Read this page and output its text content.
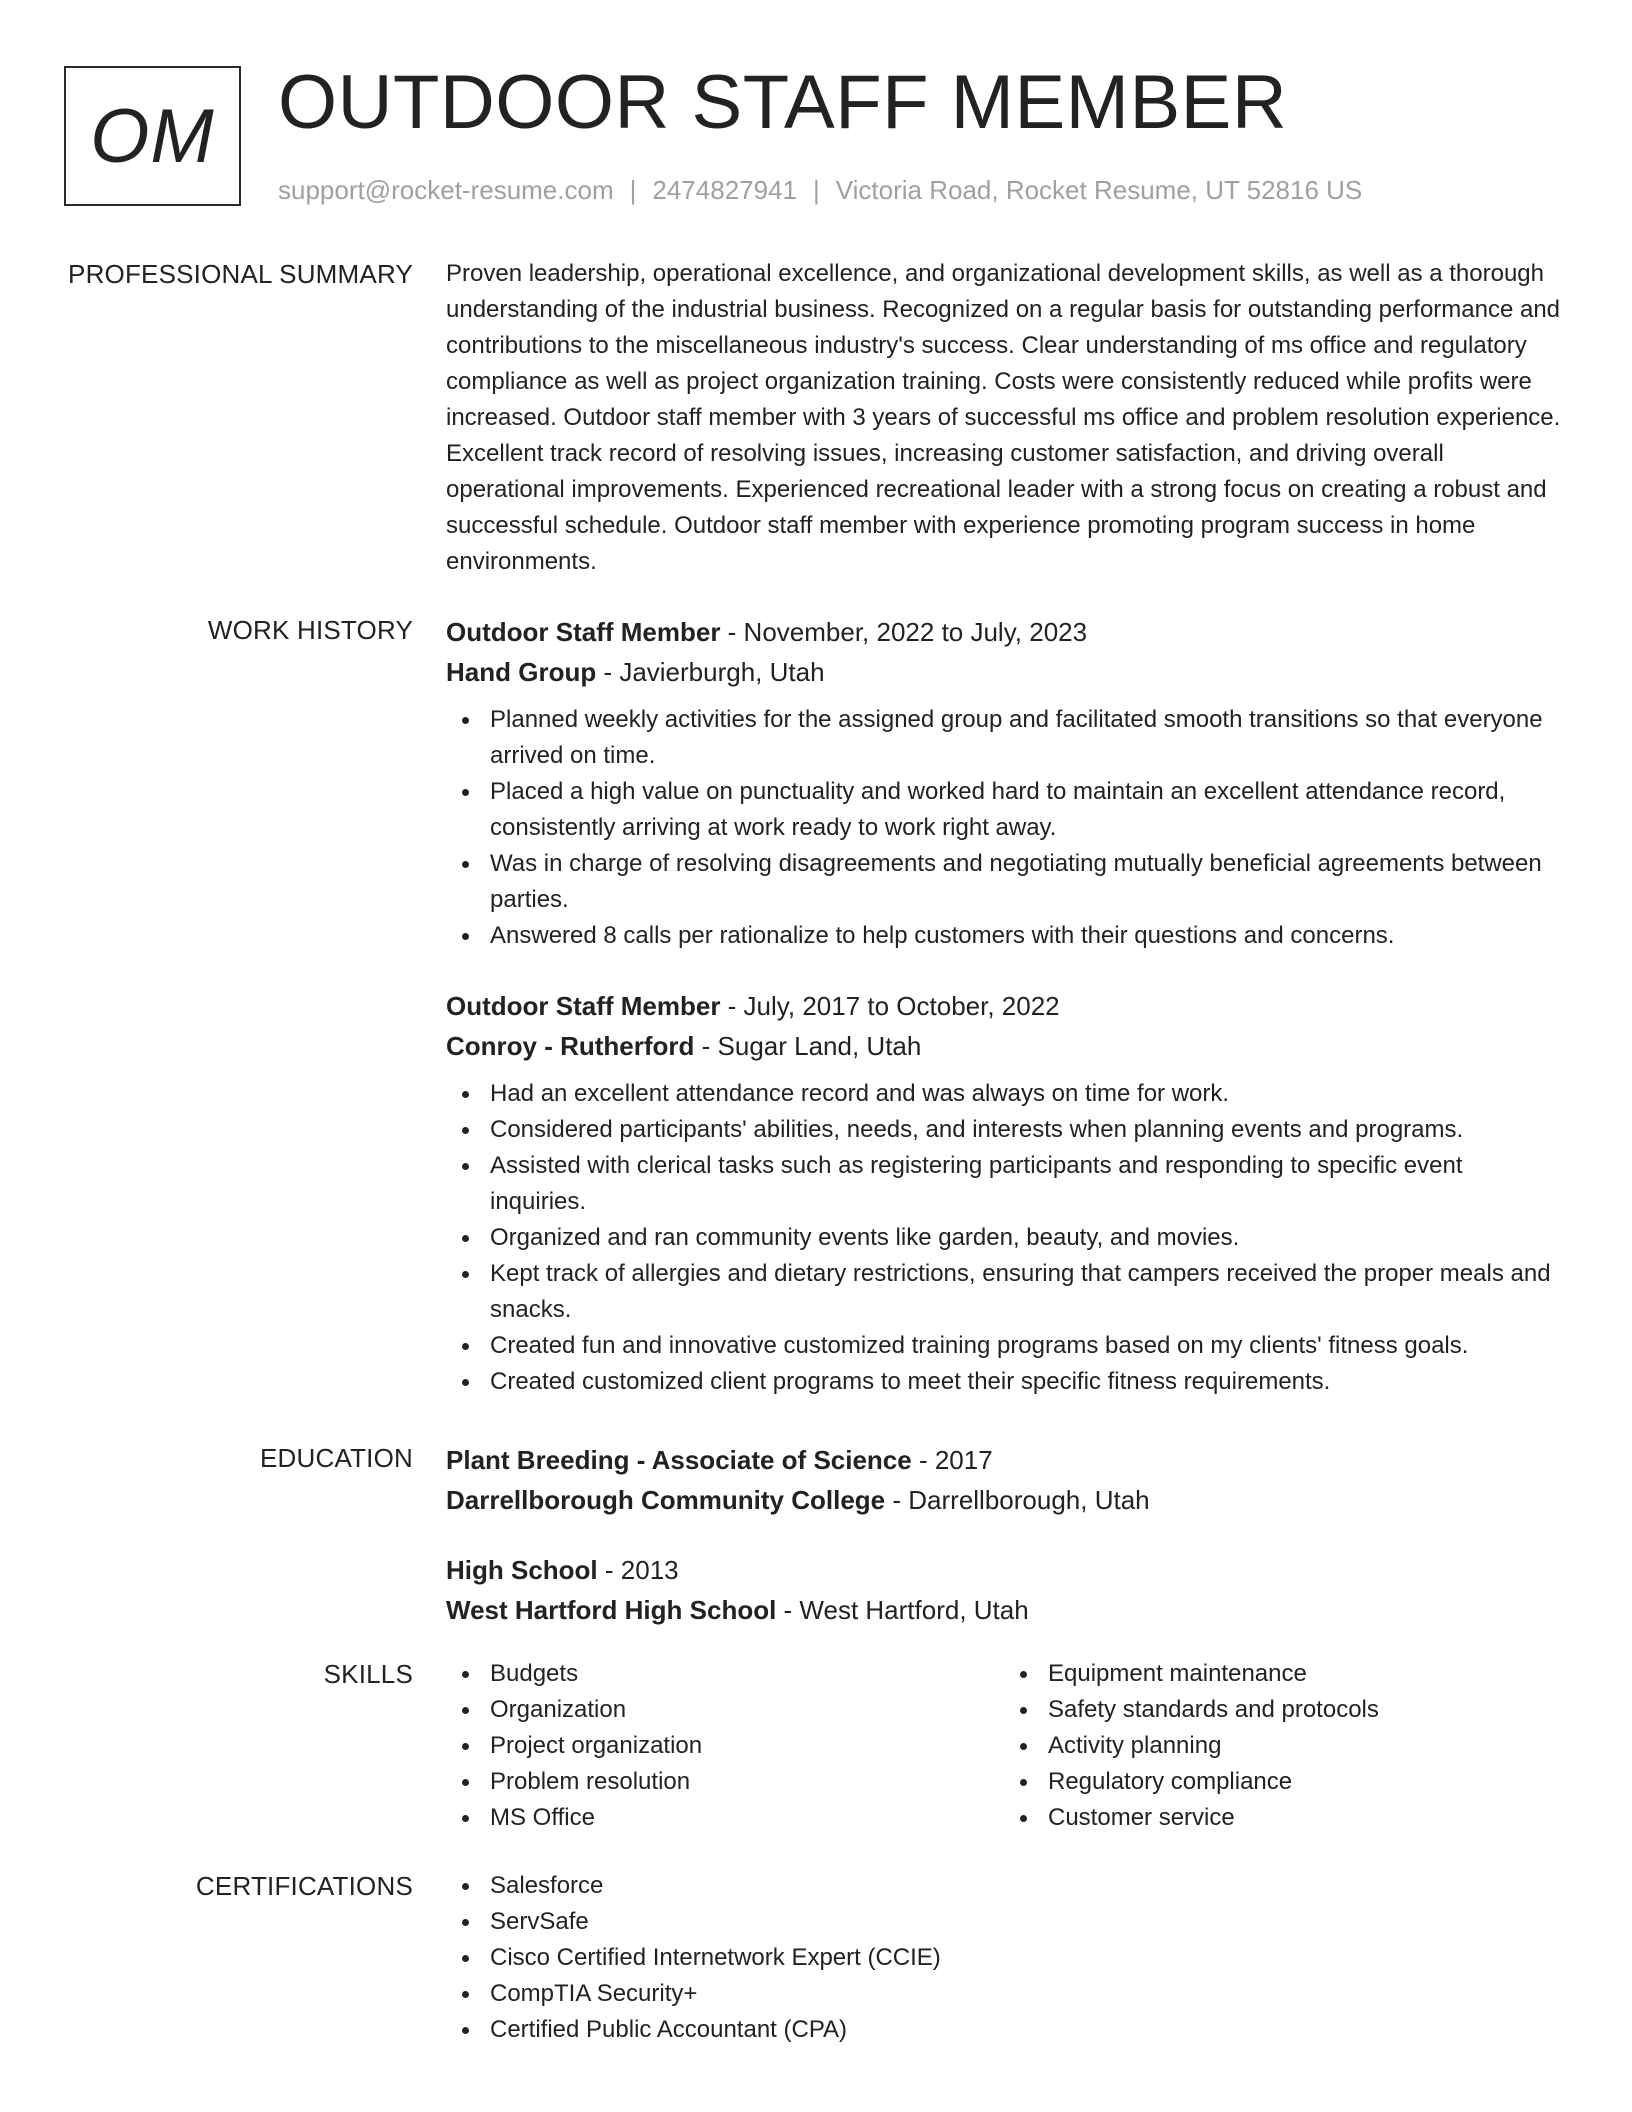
OM OUTDOOR STAFF MEMBER
support@rocket-resume.com | 2474827941 | Victoria Road, Rocket Resume, UT 52816 US
PROFESSIONAL SUMMARY Proven leadership, operational excellence, and organizational development skills, as well as a thorough understanding of the industrial business. Recognized on a regular basis for outstanding performance and contributions to the miscellaneous industry's success. Clear understanding of ms office and regulatory compliance as well as project organization training. Costs were consistently reduced while profits were increased. Outdoor staff member with 3 years of successful ms office and problem resolution experience. Excellent track record of resolving issues, increasing customer satisfaction, and driving overall operational improvements. Experienced recreational leader with a strong focus on creating a robust and successful schedule. Outdoor staff member with experience promoting program success in home environments.

WORK HISTORY Outdoor Staff Member - November, 2022 to July, 2023
Hand Group - Javierburgh, Utah
Planned weekly activities for the assigned group and facilitated smooth transitions so that everyone arrived on time.
Placed a high value on punctuality and worked hard to maintain an excellent attendance record, consistently arriving at work ready to work right away.
Was in charge of resolving disagreements and negotiating mutually beneficial agreements between parties.
Answered 8 calls per rationalize to help customers with their questions and concerns.
Outdoor Staff Member - July, 2017 to October, 2022
Conroy - Rutherford - Sugar Land, Utah
Had an excellent attendance record and was always on time for work.
Considered participants' abilities, needs, and interests when planning events and programs.
Assisted with clerical tasks such as registering participants and responding to specific event inquiries.
Organized and ran community events like garden, beauty, and movies.
Kept track of allergies and dietary restrictions, ensuring that campers received the proper meals and snacks.
Created fun and innovative customized training programs based on my clients' fitness goals.
Created customized client programs to meet their specific fitness requirements.
EDUCATION Plant Breeding - Associate of Science - 2017
Darrellborough Community College - Darrellborough, Utah
High School - 2013
West Hartford High School - West Hartford, Utah
SKILLS	Budgets
Organization
Project organization
Problem resolution
MS Office
Equipment maintenance
Safety standards and protocols
Activity planning
Regulatory compliance
Customer service
CERTIFICATIONS	Salesforce
ServSafe
Cisco Certified Internetwork Expert (CCIE)
CompTIA Security+
Certified Public Accountant (CPA)
